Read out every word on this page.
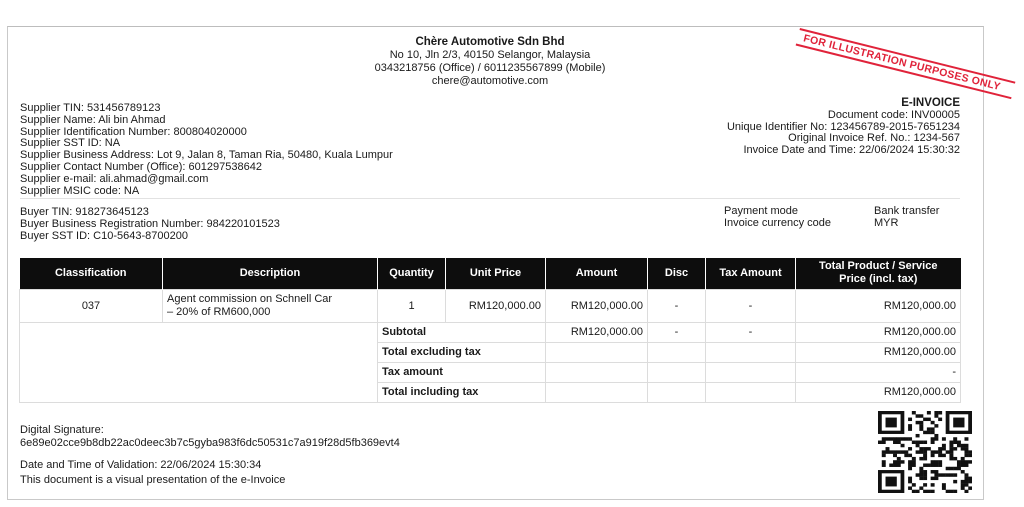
FOR ILLUSTRATION PURPOSES ONLY
Chère Automotive Sdn Bhd
No 10, Jln 2/3, 40150 Selangor, Malaysia
0343218756 (Office) / 6011235567899 (Mobile)
chere@automotive.com
Supplier TIN: 531456789123
Supplier Name: Ali bin Ahmad
Supplier Identification Number: 800804020000
Supplier SST ID: NA
Supplier Business Address: Lot 9, Jalan 8, Taman Ria, 50480, Kuala Lumpur
Supplier Contact Number (Office): 601297538642
Supplier e-mail: ali.ahmad@gmail.com
Supplier MSIC code: NA
E-INVOICE
Document code: INV00005
Unique Identifier No: 123456789-2015-7651234
Original Invoice Ref. No.: 1234-567
Invoice Date and Time: 22/06/2024 15:30:32
Buyer TIN: 918273645123
Buyer Business Registration Number: 984220101523
Buyer SST ID: C10-5643-8700200
Payment mode	Bank transfer
Invoice currency code	MYR
Classification	Description	Quantity	Unit Price	Amount	Disc	Tax Amount	Total Product / Service
Price (incl. tax)

037	Agent commission on Schnell Car
– 20% of RM600,000	1	RM120,000.00	RM120,000.00	-	-	RM120,000.00
		Subtotal		RM120,000.00	-	-	RM120,000.00
		Total excluding tax					RM120,000.00
		Tax amount					-
		Total including tax					RM120,000.00
Digital Signature:
6e89e02cce9b8db22ac0deec3b7c5gyba983f6dc50531c7a919f28d5fb369evt4
Date and Time of Validation: 22/06/2024 15:30:34
This document is a visual presentation of the e-Invoice
